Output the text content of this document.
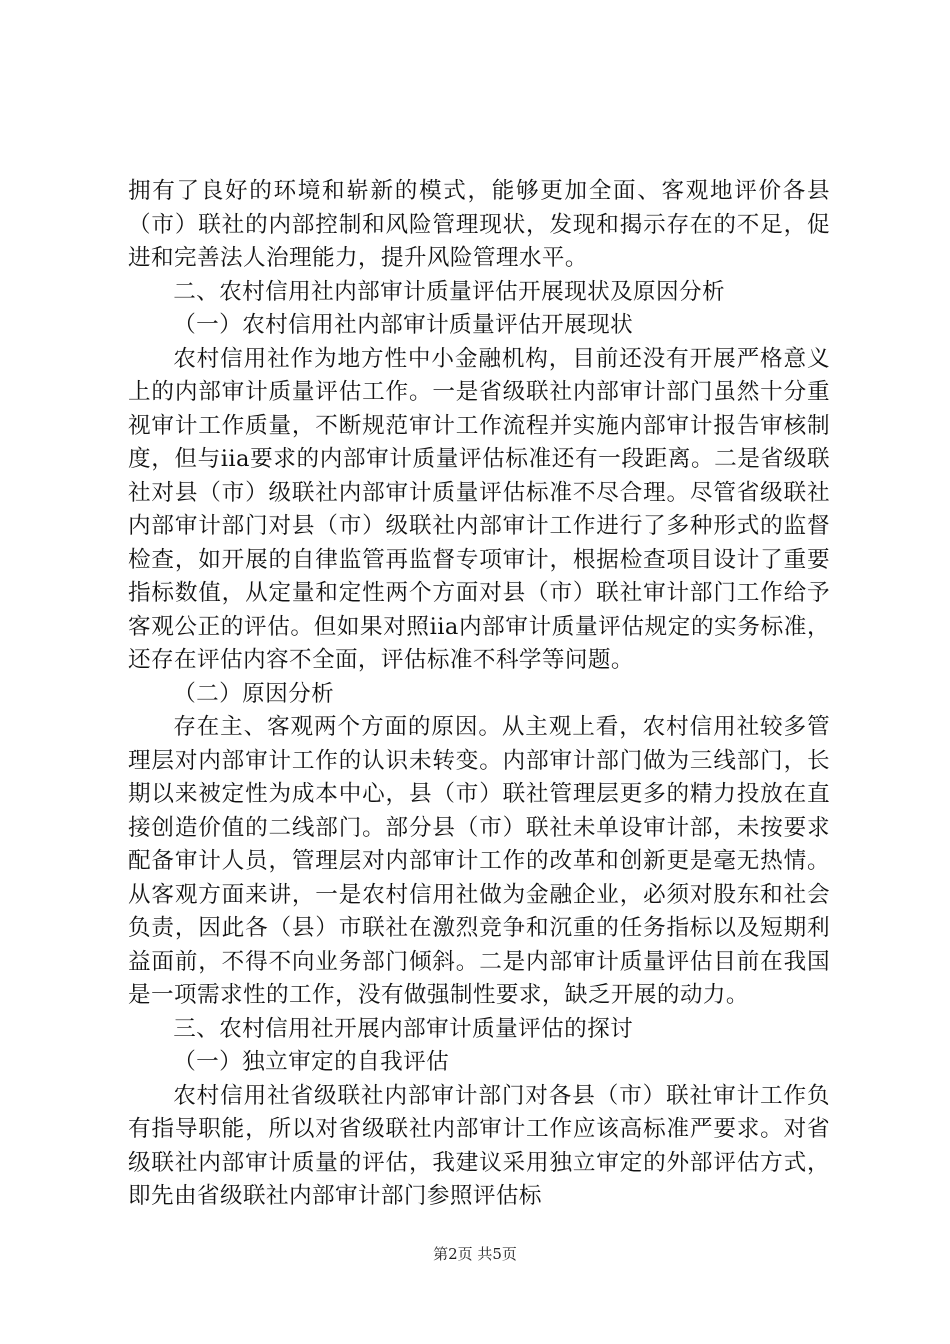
拥有了良好的环境和崭新的模式，能够更加全面、客观地评价各县（市）联社的内部控制和风险管理现状，发现和揭示存在的不足，促进和完善法人治理能力，提升风险管理水平。

二、农村信用社内部审计质量评估开展现状及原因分析

（一）农村信用社内部审计质量评估开展现状

农村信用社作为地方性中小金融机构，目前还没有开展严格意义上的内部审计质量评估工作。一是省级联社内部审计部门虽然十分重视审计工作质量，不断规范审计工作流程并实施内部审计报告审核制度，但与iia要求的内部审计质量评估标准还有一段距离。二是省级联社对县（市）级联社内部审计质量评估标准不尽合理。尽管省级联社内部审计部门对县（市）级联社内部审计工作进行了多种形式的监督检查，如开展的自律监管再监督专项审计，根据检查项目设计了重要指标数值，从定量和定性两个方面对县（市）联社审计部门工作给予客观公正的评估。但如果对照iia内部审计质量评估规定的实务标准，还存在评估内容不全面，评估标准不科学等问题。

（二）原因分析

存在主、客观两个方面的原因。从主观上看，农村信用社较多管理层对内部审计工作的认识未转变。内部审计部门做为三线部门，长期以来被定性为成本中心，县（市）联社管理层更多的精力投放在直接创造价值的二线部门。部分县（市）联社未单设审计部，未按要求配备审计人员，管理层对内部审计工作的改革和创新更是毫无热情。从客观方面来讲，一是农村信用社做为金融企业，必须对股东和社会负责，因此各（县）市联社在激烈竞争和沉重的任务指标以及短期利益面前，不得不向业务部门倾斜。二是内部审计质量评估目前在我国是一项需求性的工作，没有做强制性要求，缺乏开展的动力。

三、农村信用社开展内部审计质量评估的探讨

（一）独立审定的自我评估

农村信用社省级联社内部审计部门对各县（市）联社审计工作负有指导职能，所以对省级联社内部审计工作应该高标准严要求。对省级联社内部审计质量的评估，我建议采用独立审定的外部评估方式，即先由省级联社内部审计部门参照评估标

第2页 共5页
